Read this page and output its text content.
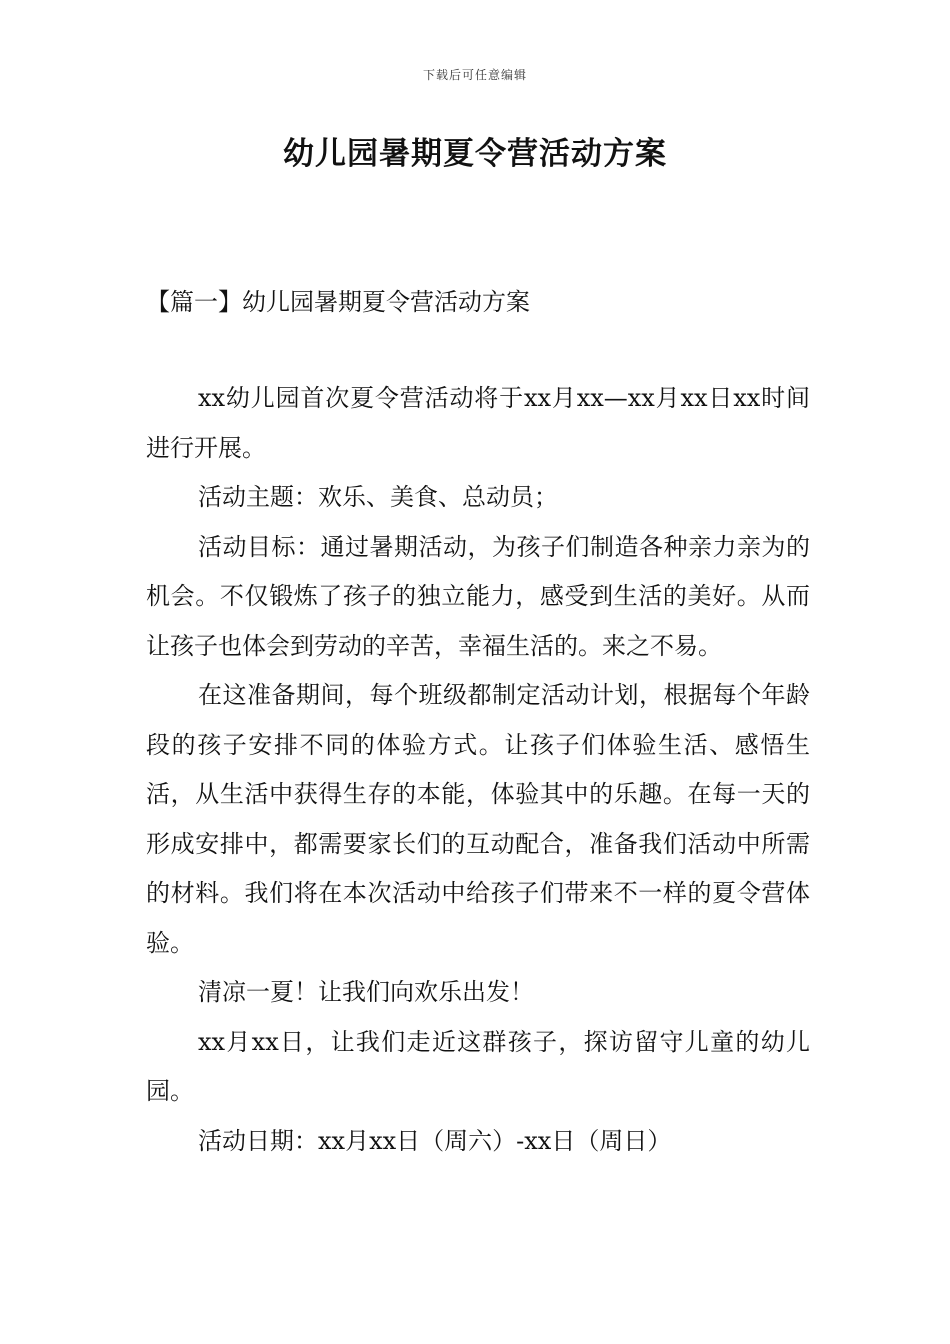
下载后可任意编辑
幼儿园暑期夏令营活动方案
【篇一】幼儿园暑期夏令营活动方案

xx幼儿园首次夏令营活动将于xx月xx—xx月xx日xx时间进行开展。

活动主题：欢乐、美食、总动员；

活动目标：通过暑期活动，为孩子们制造各种亲力亲为的机会。不仅锻炼了孩子的独立能力，感受到生活的美好。从而让孩子也体会到劳动的辛苦，幸福生活的。来之不易。

在这准备期间，每个班级都制定活动计划，根据每个年龄段的孩子安排不同的体验方式。让孩子们体验生活、感悟生活，从生活中获得生存的本能，体验其中的乐趣。在每一天的形成安排中，都需要家长们的互动配合，准备我们活动中所需的材料。我们将在本次活动中给孩子们带来不一样的夏令营体验。

清凉一夏！让我们向欢乐出发！

xx月xx日，让我们走近这群孩子，探访留守儿童的幼儿园。

活动日期：xx月xx日（周六）-xx日（周日）
